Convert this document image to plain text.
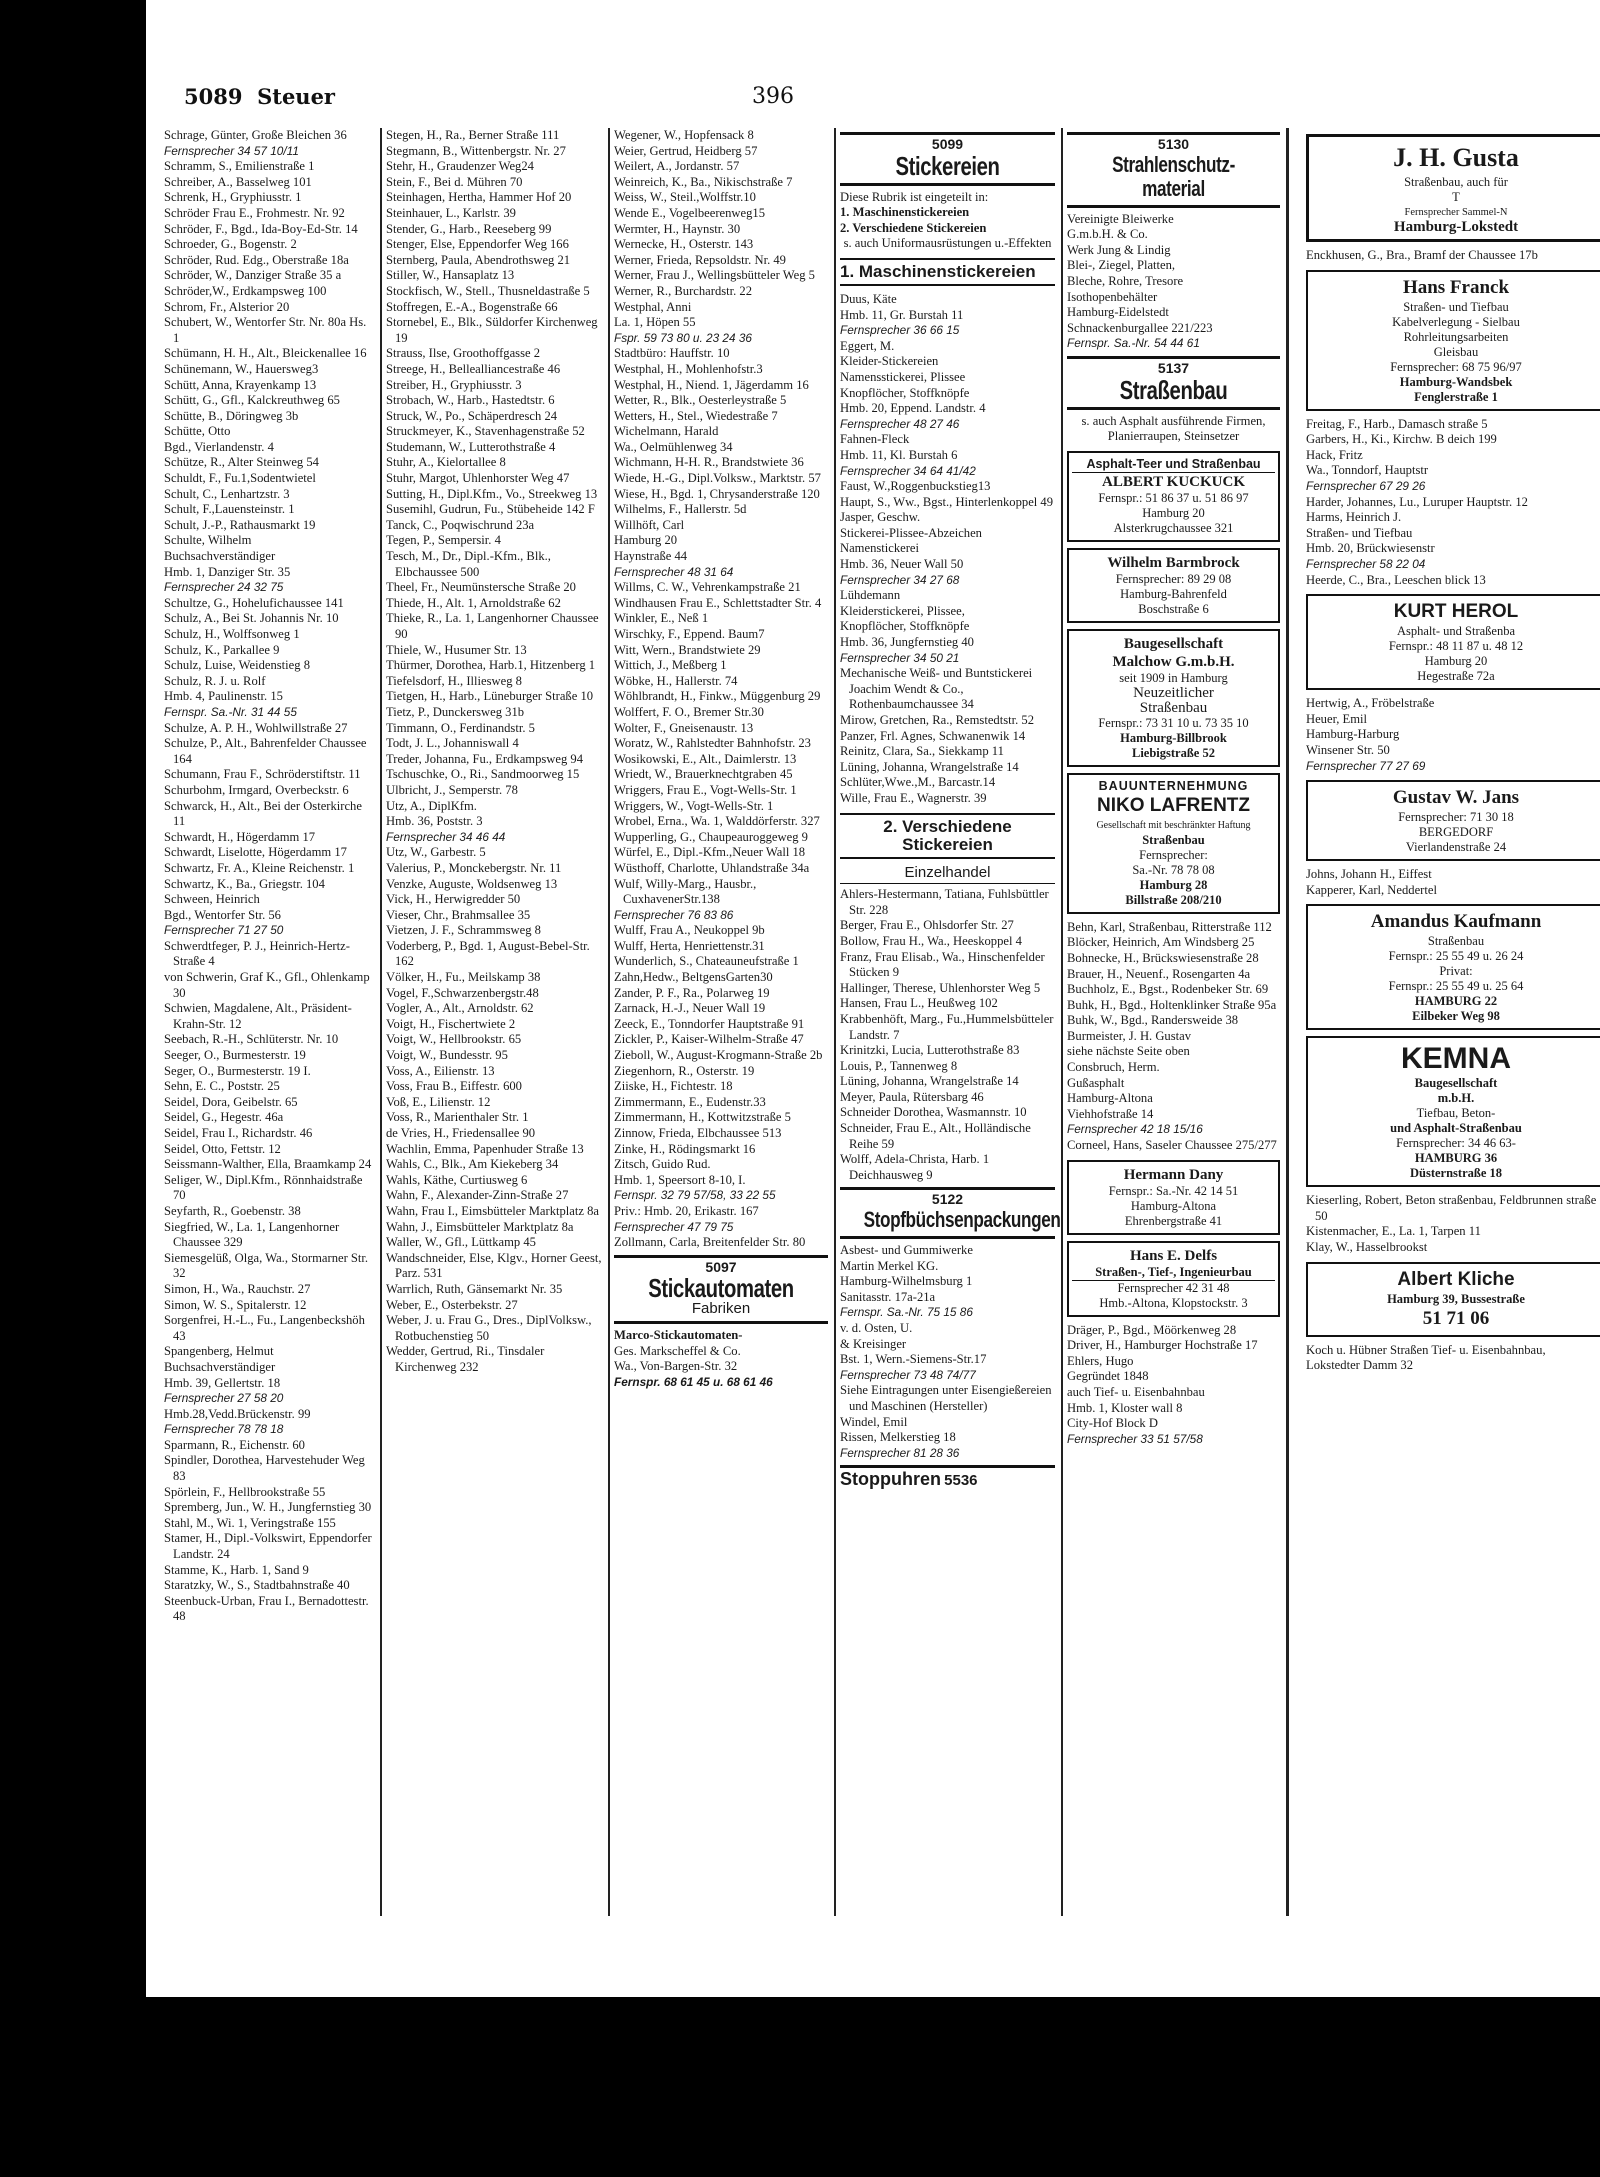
5089 Steuer	396

Schrage, Günter, Große Bleichen 36

Fernsprecher 34 57 10/11

Schramm, S., Emilienstraße 1

Schreiber, A., Basselweg 101

Schrenk, H., Gryphiusstr. 1

Schröder Frau E., Frohmestr. Nr. 92

Schröder, F., Bgd., Ida-Boy-Ed-Str. 14

Schroeder, G., Bogenstr. 2

Schröder, Rud. Edg., Oberstraße 18a

Schröder, W., Danziger Straße 35 a

Schröder,W., Erdkampsweg 100

Schrom, Fr., Alsterior 20

Schubert, W., Wentorfer Str. Nr. 80a Hs. 1

Schümann, H. H., Alt., Bleickenallee 16

Schünemann, W., Hauersweg3

Schütt, Anna, Krayenkamp 13

Schütt, G., Gfl., Kalckreuthweg 65

Schütte, B., Döringweg 3b

Schütte, Otto

Bgd., Vierlandenstr. 4

Schütze, R., Alter Steinweg 54

Schuldt, F., Fu.1,Sodentwietel

Schult, C., Lenhartzstr. 3

Schult, F.,Lauensteinstr. 1

Schult, J.-P., Rathausmarkt 19

Schulte, Wilhelm

Buchsachverständiger

Hmb. 1, Danziger Str. 35

Fernsprecher 24 32 75

Schultze, G., Hohelufichaussee 141

Schulz, A., Bei St. Johannis Nr. 10

Schulz, H., Wolffsonweg 1

Schulz, K., Parkallee 9

Schulz, Luise, Weidenstieg 8

Schulz, R. J. u. Rolf

Hmb. 4, Paulinenstr. 15

Fernspr. Sa.-Nr. 31 44 55

Schulze, A. P. H., Wohlwillstraße 27

Schulze, P., Alt., Bahrenfelder Chaussee 164

Schumann, Frau F., Schröderstiftstr. 11

Schurbohm, Irmgard, Overbeckstr. 6

Schwarck, H., Alt., Bei der Osterkirche 11

Schwardt, H., Högerdamm 17

Schwardt, Liselotte, Högerdamm 17

Schwartz, Fr. A., Kleine Reichenstr. 1

Schwartz, K., Ba., Griegstr. 104

Schween, Heinrich

Bgd., Wentorfer Str. 56

Fernsprecher 71 27 50

Schwerdtfeger, P. J., Heinrich-Hertz-Straße 4

von Schwerin, Graf K., Gfl., Ohlenkamp 30

Schwien, Magdalene, Alt., Präsident-Krahn-Str. 12

Seebach, R.-H., Schlüterstr. Nr. 10

Seeger, O., Burmesterstr. 19

Seger, O., Burmesterstr. 19 I.

Sehn, E. C., Poststr. 25

Seidel, Dora, Geibelstr. 65

Seidel, G., Hegestr. 46a

Seidel, Frau I., Richardstr. 46

Seidel, Otto, Fettstr. 12

Seissmann-Walther, Ella, Braamkamp 24

Seliger, W., Dipl.Kfm., Rönnhaidstraße 70

Seyfarth, R., Goebenstr. 38

Siegfried, W., La. 1, Langenhorner Chaussee 329

Siemesgelüß, Olga, Wa., Stormarner Str. 32

Simon, H., Wa., Rauchstr. 27

Simon, W. S., Spitalerstr. 12

Sorgenfrei, H.-L., Fu., Langenbeckshöh 43

Spangenberg, Helmut

Buchsachverständiger

Hmb. 39, Gellertstr. 18

Fernsprecher 27 58 20

Hmb.28,Vedd.Brückenstr. 99

Fernsprecher 78 78 18

Sparmann, R., Eichenstr. 60

Spindler, Dorothea, Harvestehuder Weg 83

Spörlein, F., Hellbrookstraße 55

Spremberg, Jun., W. H., Jungfernstieg 30

Stahl, M., Wi. 1, Veringstraße 155

Stamer, H., Dipl.-Volkswirt, Eppendorfer Landstr. 24

Stamme, K., Harb. 1, Sand 9

Staratzky, W., S., Stadtbahnstraße 40

Steenbuck-Urban, Frau I., Bernadottestr. 48

Stegen, H., Ra., Berner Straße 111

Stegmann, B., Wittenbergstr. Nr. 27

Stehr, H., Graudenzer Weg24

Stein, F., Bei d. Mühren 70

Steinhagen, Hertha, Hammer Hof 20

Steinhauer, L., Karlstr. 39

Stender, G., Harb., Reeseberg 99

Stenger, Else, Eppendorfer Weg 166

Sternberg, Paula, Abendrothsweg 21

Stiller, W., Hansaplatz 13

Stockfisch, W., Stell., Thusneldastraße 5

Stoffregen, E.-A., Bogenstraße 66

Stornebel, E., Blk., Süldorfer Kirchenweg 19

Strauss, Ilse, Groothoffgasse 2

Streege, H., Bellealliancestraße 46

Streiber, H., Gryphiusstr. 3

Strobach, W., Harb., Hastedtstr. 6

Struck, W., Po., Schäperdresch 24

Struckmeyer, K., Stavenhagenstraße 52

Studemann, W., Lutterothstraße 4

Stuhr, A., Kielortallee 8

Stuhr, Margot, Uhlenhorster Weg 47

Sutting, H., Dipl.Kfm., Vo., Streekweg 13

Susemihl, Gudrun, Fu., Stübeheide 142 F

Tanck, C., Poqwischrund 23a

Tegen, P., Sempersir. 4

Tesch, M., Dr., Dipl.-Kfm., Blk., Elbchaussee 500

Theel, Fr., Neumünstersche Straße 20

Thiede, H., Alt. 1, Arnoldstraße 62

Thieke, R., La. 1, Langenhorner Chaussee 90

Thiele, W., Husumer Str. 13

Thürmer, Dorothea, Harb.1, Hitzenberg 1

Tiefelsdorf, H., Illiesweg 8

Tietgen, H., Harb., Lüneburger Straße 10

Tietz, P., Dunckersweg 31b

Timmann, O., Ferdinandstr. 5

Todt, J. L., Johanniswall 4

Treder, Johanna, Fu., Erdkampsweg 94

Tschuschke, O., Ri., Sandmoorweg 15

Ulbricht, J., Semperstr. 78

Utz, A., DiplKfm.

Hmb. 36, Poststr. 3

Fernsprecher 34 46 44

Utz, W., Garbestr. 5

Valerius, P., Monckebergstr. Nr. 11

Venzke, Auguste, Woldsenweg 13

Vick, H., Herwigredder 50

Vieser, Chr., Brahmsallee 35

Vietzen, J. F., Schrammsweg 8

Voderberg, P., Bgd. 1, August-Bebel-Str. 162

Völker, H., Fu., Meilskamp 38

Vogel, F.,Schwarzenbergstr.48

Vogler, A., Alt., Arnoldstr. 62

Voigt, H., Fischertwiete 2

Voigt, W., Hellbrookstr. 65

Voigt, W., Bundesstr. 95

Voss, A., Eilienstr. 13

Voss, Frau B., Eiffestr. 600

Voß, E., Lilienstr. 12

Voss, R., Marienthaler Str. 1

de Vries, H., Friedensallee 90

Wachlin, Emma, Papenhuder Straße 13

Wahls, C., Blk., Am Kiekeberg 34

Wahls, Käthe, Curtiusweg 6

Wahn, F., Alexander-Zinn-Straße 27

Wahn, Frau I., Eimsbütteler Marktplatz 8a

Wahn, J., Eimsbütteler Marktplatz 8a

Waller, W., Gfl., Lüttkamp 45

Wandschneider, Else, Klgv., Horner Geest, Parz. 531

Warrlich, Ruth, Gänsemarkt Nr. 35

Weber, E., Osterbekstr. 27

Weber, J. u. Frau G., Dres., DiplVolksw., Rotbuchenstieg 50

Wedder, Gertrud, Ri., Tinsdaler Kirchenweg 232

Wegener, W., Hopfensack 8

Weier, Gertrud, Heidberg 57

Weilert, A., Jordanstr. 57

Weinreich, K., Ba., Nikischstraße 7

Weiss, W., Steil.,Wolffstr.10

Wende E., Vogelbeerenweg15

Wermter, H., Haynstr. 30

Wernecke, H., Osterstr. 143

Werner, Frieda, Repsoldstr. Nr. 49

Werner, Frau J., Wellingsbütteler Weg 5

Werner, R., Burchardstr. 22

Westphal, Anni

La. 1, Höpen 55

Fspr. 59 73 80 u. 23 24 36

Stadtbüro: Hauffstr. 10

Westphal, H., Mohlenhofstr.3

Westphal, H., Niend. 1, Jägerdamm 16

Wetter, R., Blk., Oesterleystraße 5

Wetters, H., Stel., Wiedestraße 7

Wichelmann, Harald

Wa., Oelmühlenweg 34

Wichmann, H-H. R., Brandstwiete 36

Wiede, H.-G., Dipl.Volksw., Marktstr. 57

Wiese, H., Bgd. 1, Chrysanderstraße 120

Wilhelms, F., Hallerstr. 5d

Willhöft, Carl

Hamburg 20

Haynstraße 44

Fernsprecher 48 31 64

Willms, C. W., Vehrenkampstraße 21

Windhausen Frau E., Schlettstadter Str. 4

Winkler, E., Neß 1

Wirschky, F., Eppend. Baum7

Witt, Wern., Brandstwiete 29

Wittich, J., Meßberg 1

Wöbke, H., Hallerstr. 74

Wöhlbrandt, H., Finkw., Müggenburg 29

Wolffert, F. O., Bremer Str.30

Wolter, F., Gneisenaustr. 13

Woratz, W., Rahlstedter Bahnhofstr. 23

Wosikowski, E., Alt., Daimlerstr. 13

Wriedt, W., Brauerknechtgraben 45

Wriggers, Frau E., Vogt-Wells-Str. 1

Wriggers, W., Vogt-Wells-Str. 1

Wrobel, Erna., Wa. 1, Walddörferstr. 327

Wupperling, G., Chaupeauroggeweg 9

Würfel, E., Dipl.-Kfm.,Neuer Wall 18

Wüsthoff, Charlotte, Uhlandstraße 34a

Wulf, Willy-Marg., Hausbr., CuxhavenerStr.138

Fernsprecher 76 83 86

Wulff, Frau A., Neukoppel 9b

Wulff, Herta, Henriettenstr.31

Wunderlich, S., Chateauneufstraße 1

Zahn,Hedw., BeltgensGarten30

Zander, P. F., Ra., Polarweg 19

Zarnack, H.-J., Neuer Wall 19

Zeeck, E., Tonndorfer Hauptstraße 91

Zickler, P., Kaiser-Wilhelm-Straße 47

Zieboll, W., August-Krogmann-Straße 2b

Ziegenhorn, R., Osterstr. 19

Ziiske, H., Fichtestr. 18

Zimmermann, E., Eudenstr.33

Zimmermann, H., Kottwitzstraße 5

Zinnow, Frieda, Elbchaussee 513

Zinke, H., Rödingsmarkt 16

Zitsch, Guido Rud.

Hmb. 1, Speersort 8-10, I.

Fernspr. 32 79 57/58, 33 22 55

Priv.: Hmb. 20, Erikastr. 167

Fernsprecher 47 79 75

Zollmann, Carla, Breitenfelder Str. 80

5097
Stickautomaten
Fabriken

Marco-Stickautomaten-

Ges. Markscheffel & Co.

Wa., Von-Bargen-Str. 32

Fernspr. 68 61 45 u. 68 61 46

5099
Stickereien

Diese Rubrik ist eingeteilt in:

1. Maschinenstickereien

2. Verschiedene Stickereien

s. auch Uniformausrüstungen u.-Effekten

1. Maschinenstickereien

Duus, Käte

Hmb. 11, Gr. Burstah 11

Fernsprecher 36 66 15

Eggert, M.

Kleider-Stickereien

Namensstickerei, Plissee

Knopflöcher, Stoffknöpfe

Hmb. 20, Eppend. Landstr. 4

Fernsprecher 48 27 46

Fahnen-Fleck

Hmb. 11, Kl. Burstah 6

Fernsprecher 34 64 41/42

Faust, W.,Roggenbuckstieg13

Haupt, S., Ww., Bgst., Hinterlenkoppel 49

Jasper, Geschw.

Stickerei-Plissee-Abzeichen

Namenstickerei

Hmb. 36, Neuer Wall 50

Fernsprecher 34 27 68

Lühdemann

Kleiderstickerei, Plissee,

Knopflöcher, Stoffknöpfe

Hmb. 36, Jungfernstieg 40

Fernsprecher 34 50 21

Mechanische Weiß- und Buntstickerei Joachim Wendt & Co., Rothenbaumchaussee 34

Mirow, Gretchen, Ra., Remstedtstr. 52

Panzer, Frl. Agnes, Schwanenwik 14

Reinitz, Clara, Sa., Siekkamp 11

Lüning, Johanna, Wrangelstraße 14

Schlüter,Wwe.,M., Barcastr.14

Wille, Frau E., Wagnerstr. 39

2. Verschiedene Stickereien

Einzelhandel

Ahlers-Hestermann, Tatiana, Fuhlsbüttler Str. 228

Berger, Frau E., Ohlsdorfer Str. 27

Bollow, Frau H., Wa., Heeskoppel 4

Franz, Frau Elisab., Wa., Hinschenfelder Stücken 9

Hallinger, Therese, Uhlenhorster Weg 5

Hansen, Frau L., Heußweg 102

Krabbenhöft, Marg., Fu.,Hummelsbütteler Landstr. 7

Krinitzki, Lucia, Lutterothstraße 83

Louis, P., Tannenweg 8

Lüning, Johanna, Wrangelstraße 14

Meyer, Paula, Rütersbarg 46

Schneider Dorothea, Wasmannstr. 10

Schneider, Frau E., Alt., Holländische Reihe 59

Wolff, Adela-Christa, Harb. 1 Deichhausweg 9

5122
Stopfbüchsenpackungen

Asbest- und Gummiwerke

Martin Merkel KG.

Hamburg-Wilhelmsburg 1

Sanitasstr. 17a-21a

Fernspr. Sa.-Nr. 75 15 86

v. d. Osten, U.

& Kreisinger

Bst. 1, Wern.-Siemens-Str.17

Fernsprecher 73 48 74/77

Siehe Eintragungen unter Eisengießereien und Maschinen (Hersteller)

Windel, Emil

Rissen, Melkerstieg 18

Fernsprecher 81 28 36

Stoppuhren 5536

5130
Strahlenschutz-material

Vereinigte Bleiwerke

G.m.b.H. & Co.

Werk Jung & Lindig

Blei-, Ziegel, Platten,

Bleche, Rohre, Tresore

Isothopenbehälter

Hamburg-Eidelstedt

Schnackenburgallee 221/223

Fernspr. Sa.-Nr. 54 44 61

5137
Straßenbau

s. auch Asphalt ausführende Firmen, Planierraupen, Steinsetzer

Asphalt-Teer und Straßenbau
ALBERT KUCKUCK
Fernspr.: 51 86 37 u. 51 86 97
Hamburg 20
Alsterkrugchaussee 321
Wilhelm Barmbrock
Fernsprecher: 89 29 08
Hamburg-Bahrenfeld
Boschstraße 6
Baugesellschaft
Malchow G.m.b.H.
seit 1909 in Hamburg
Neuzeitlicher
Straßenbau
Fernspr.: 73 31 10 u. 73 35 10
Hamburg-Billbrook
Liebigstraße 52
BAUUNTERNEHMUNG
NIKO LAFRENTZ
Gesellschaft mit beschränkter Haftung
Straßenbau
Fernsprecher:
Sa.-Nr. 78 78 08
Hamburg 28
Billstraße 208/210

Behn, Karl, Straßenbau, Ritterstraße 112

Blöcker, Heinrich, Am Windsberg 25

Bohnecke, H., Brückswiesenstraße 28

Brauer, H., Neuenf., Rosengarten 4a

Buchholz, E., Bgst., Rodenbeker Str. 69

Buhk, H., Bgd., Holtenklinker Straße 95a

Buhk, W., Bgd., Randersweide 38

Burmeister, J. H. Gustav

siehe nächste Seite oben

Consbruch, Herm.

Gußasphalt

Hamburg-Altona

Viehhofstraße 14

Fernsprecher 42 18 15/16

Corneel, Hans, Saseler Chaussee 275/277

Hermann Dany
Fernspr.: Sa.-Nr. 42 14 51
Hamburg-Altona
Ehrenbergstraße 41
Hans E. Delfs
Straßen-, Tief-, Ingenieurbau
Fernsprecher 42 31 48
Hmb.-Altona, Klopstockstr. 3

Dräger, P., Bgd., Möörkenweg 28

Driver, H., Hamburger Hochstraße 17

Ehlers, Hugo

Gegründet 1848

auch Tief- u. Eisenbahnbau

Hmb. 1, Kloster wall 8

City-Hof Block D

Fernsprecher 33 51 57/58

J. H. Gusta
Straßenbau, auch für
T
Fernsprecher Sammel-N
Hamburg-Lokstedt

Enckhusen, G., Bra., Bramf der Chaussee 17b

Hans Franck
Straßen- und Tiefbau
Kabelverlegung - Sielbau
Rohrleitungsarbeiten
Gleisbau
Fernsprecher: 68 75 96/97
Hamburg-Wandsbek
Fenglerstraße 1

Freitag, F., Harb., Damasch straße 5

Garbers, H., Ki., Kirchw. B deich 199

Hack, Fritz

Wa., Tonndorf, Hauptstr

Fernsprecher 67 29 26

Harder, Johannes, Lu., Luruper Hauptstr. 12

Harms, Heinrich J.

Straßen- und Tiefbau

Hmb. 20, Brückwiesenstr

Fernsprecher 58 22 04

Heerde, C., Bra., Leeschen blick 13

KURT HEROL
Asphalt- und Straßenba
Fernspr.: 48 11 87 u. 48 12
Hamburg 20
Hegestraße 72a

Hertwig, A., Fröbelstraße

Heuer, Emil

Hamburg-Harburg

Winsener Str. 50

Fernsprecher 77 27 69

Gustav W. Jans
Fernsprecher: 71 30 18
BERGEDORF
Vierlandenstraße 24

Johns, Johann H., Eiffest

Kapperer, Karl, Neddertel

Amandus Kaufmann
Straßenbau
Fernspr.: 25 55 49 u. 26 24
Privat:
Fernspr.: 25 55 49 u. 25 64
HAMBURG 22
Eilbeker Weg 98
KEMNA
Baugesellschaft
m.b.H.
Tiefbau, Beton-
und Asphalt-Straßenbau
Fernsprecher: 34 46 63-
HAMBURG 36
Düsternstraße 18

Kieserling, Robert, Beton straßenbau, Feldbrunnen straße 50

Kistenmacher, E., La. 1, Tarpen 11

Klay, W., Hasselbrookst

Albert Kliche
Hamburg 39, Bussestraße
51 71 06

Koch u. Hübner Straßen Tief- u. Eisenbahnbau,

Lokstedter Damm 32
